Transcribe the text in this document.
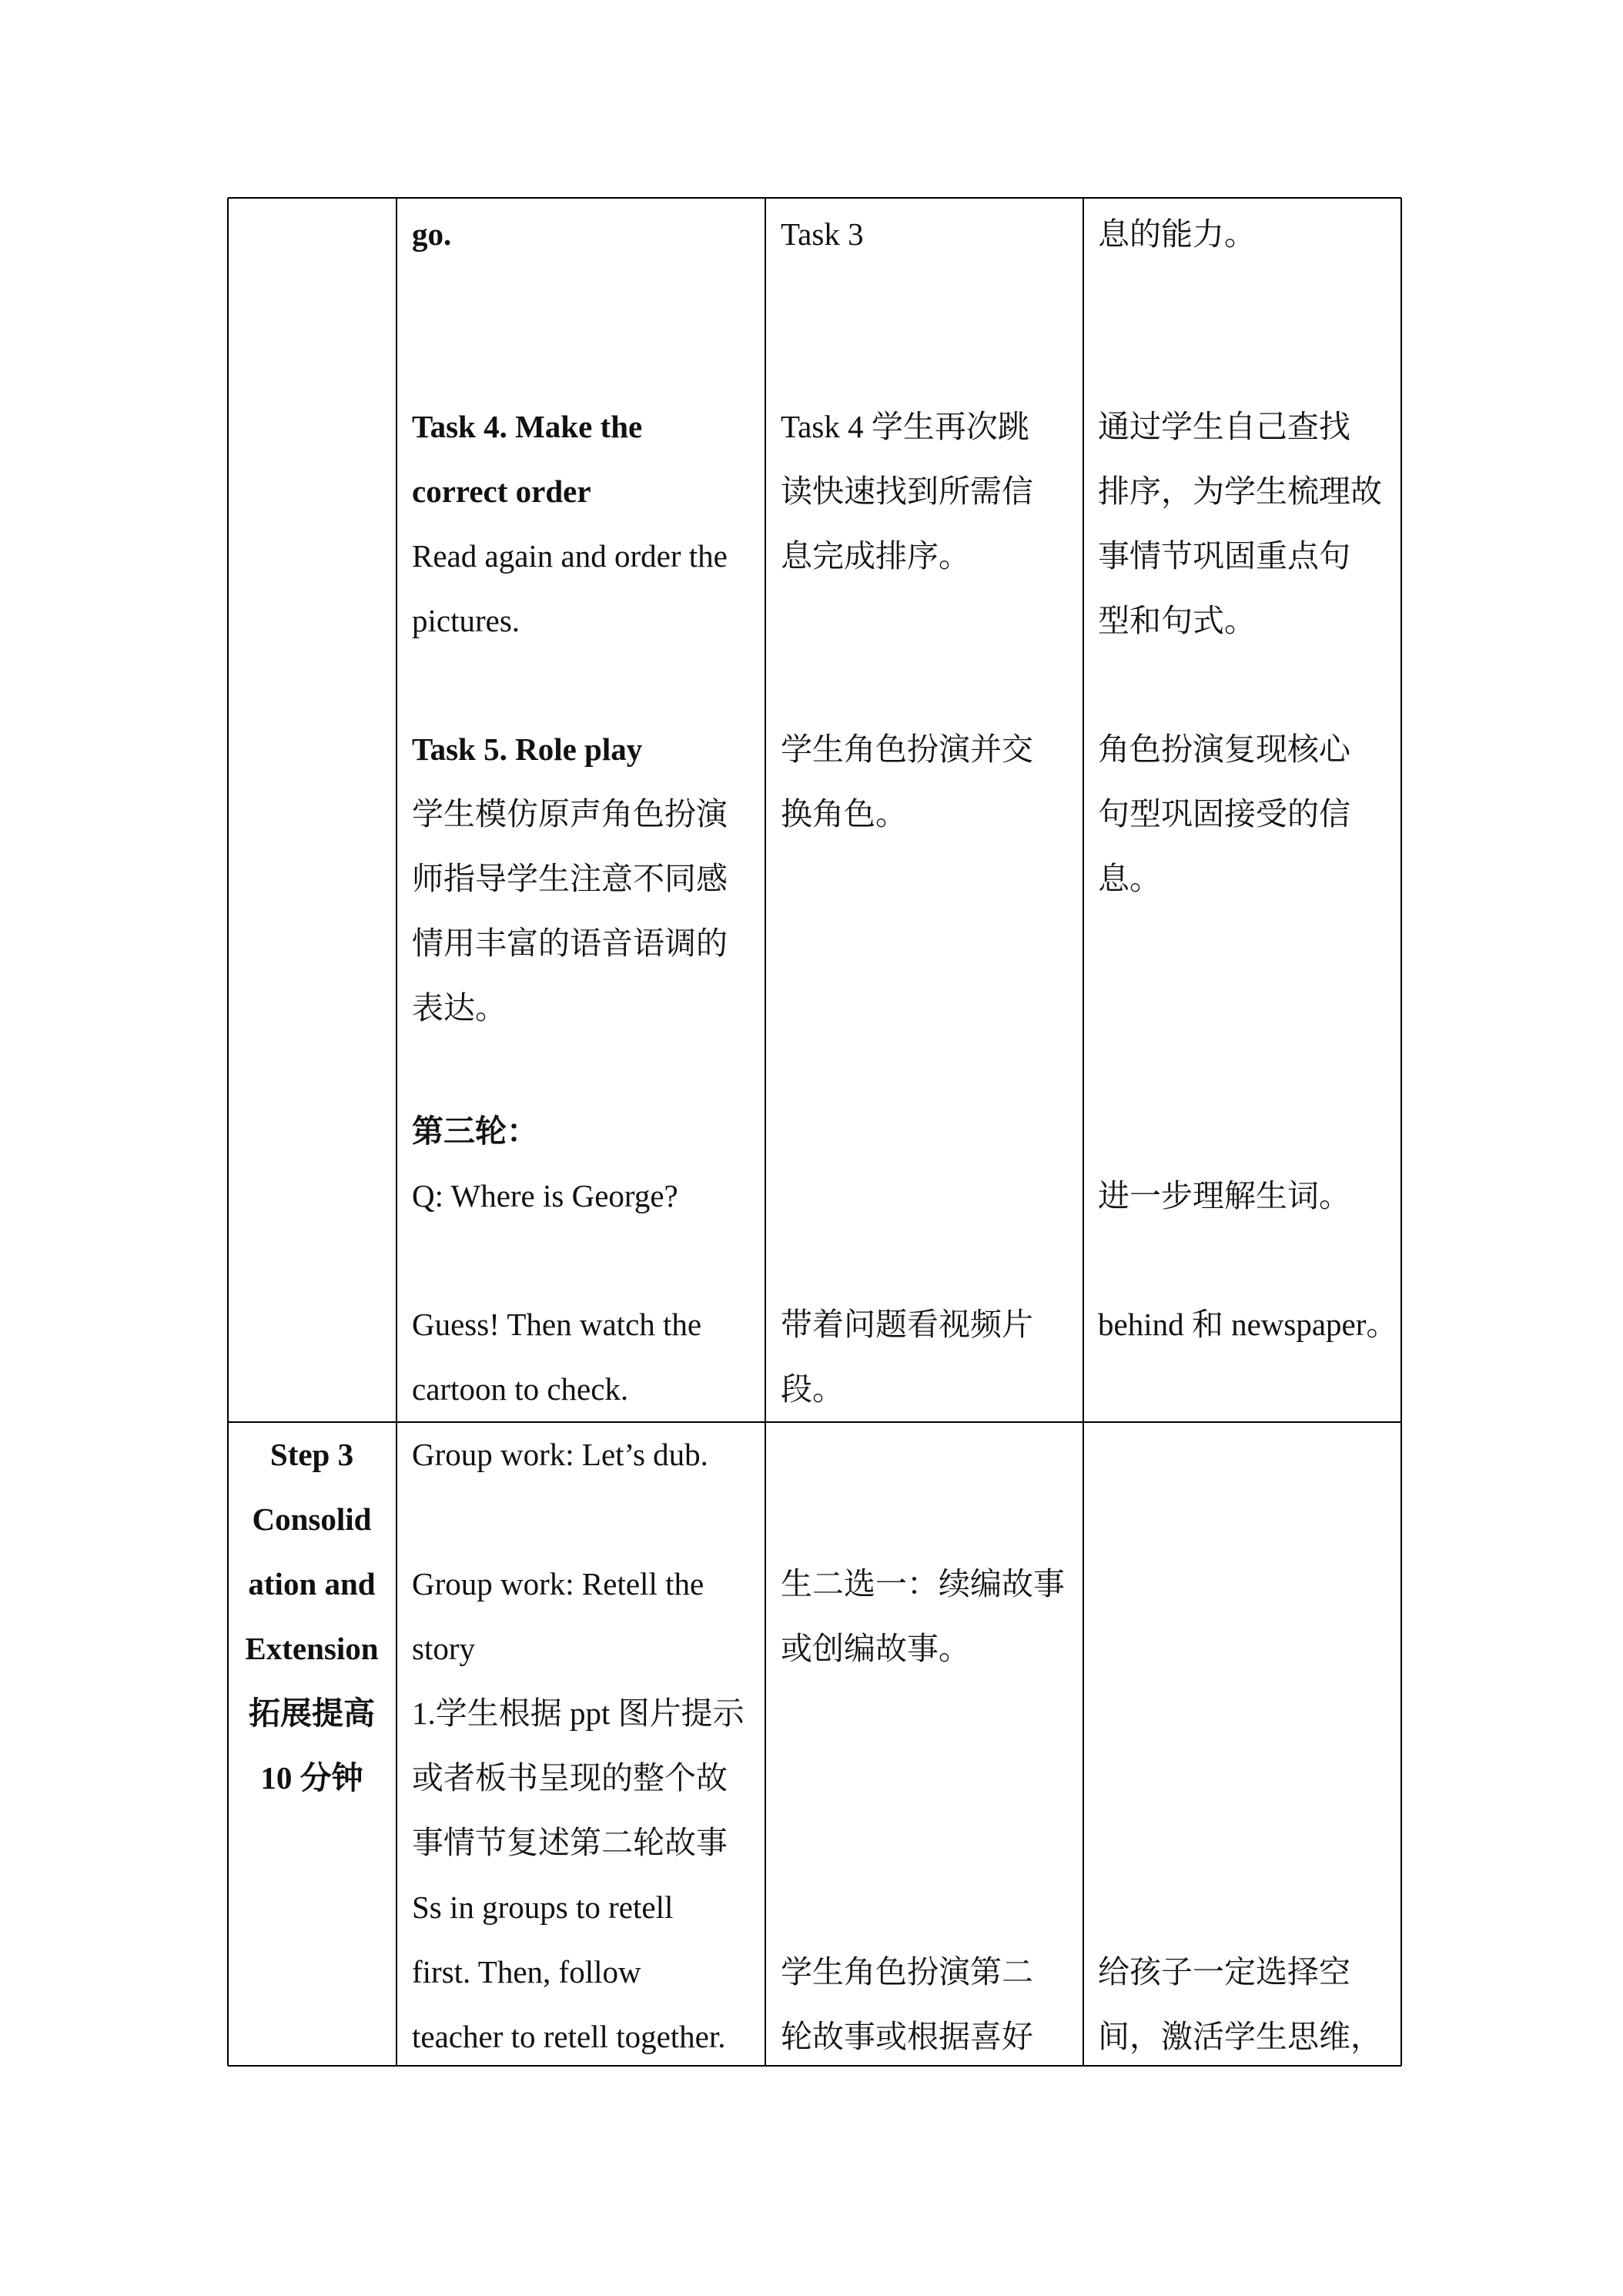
go.
Task 4. Make the
correct order
Read again and order the
pictures.
Task 5. Role play
学生模仿原声角色扮演
师指导学生注意不同感
情用丰富的语音语调的
表达。
第三轮：
Q: Where is George?
Guess! Then watch the
cartoon to check.
Task 3
Task 4 学生再次跳
读快速找到所需信
息完成排序。
学生角色扮演并交
换角色。
带着问题看视频片
段。
息的能力。
通过学生自己查找
排序，为学生梳理故
事情节巩固重点句
型和句式。
角色扮演复现核心
句型巩固接受的信
息。
进一步理解生词。
behind 和 newspaper。
Step 3
Consolid
ation and
Extension
拓展提高
10 分钟
Group work: Let’s dub.
Group work: Retell the
story
1.学生根据 ppt 图片提示
或者板书呈现的整个故
事情节复述第二轮故事
Ss in groups to retell
first. Then, follow
teacher to retell together.
生二选一：续编故事
或创编故事。
学生角色扮演第二
轮故事或根据喜好
给孩子一定选择空
间，激活学生思维，
